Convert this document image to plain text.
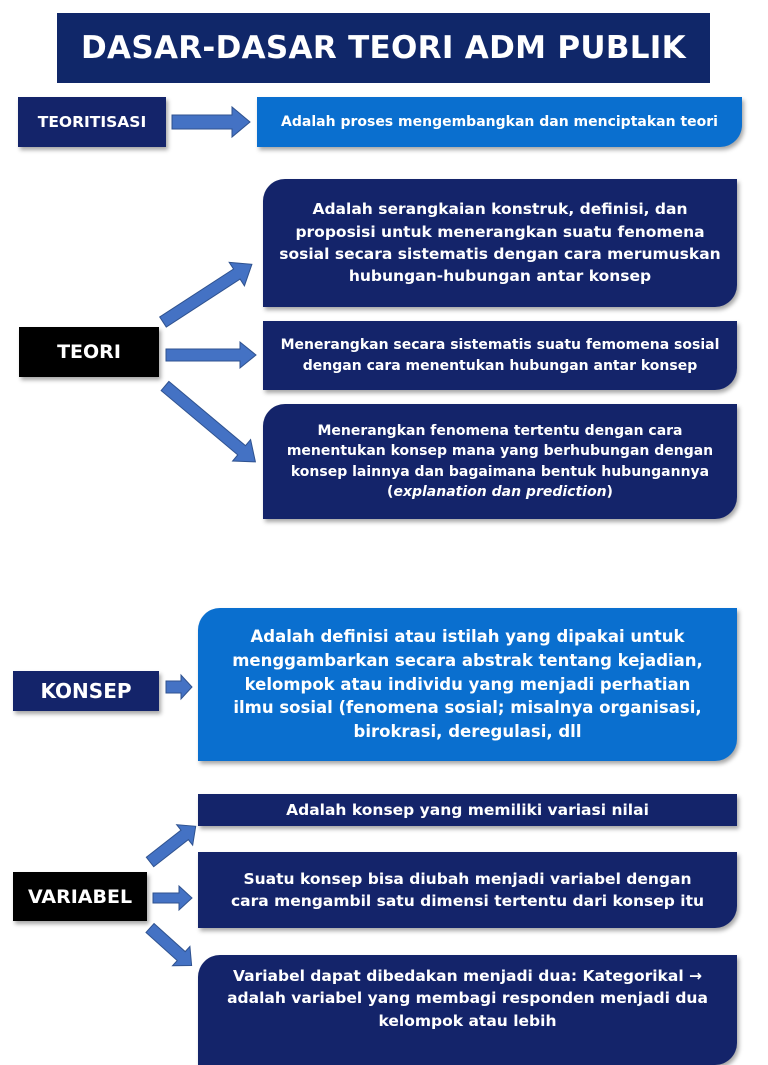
DASAR-DASAR TEORI ADM PUBLIK
TEORITISASI	Adalah proses mengembangkan dan menciptakan teori
TEORI
Adalah serangkaian konstruk, definisi, dan proposisi untuk menerangkan suatu fenomena sosial secara sistematis dengan cara merumuskan hubungan-hubungan antar konsep
Menerangkan secara sistematis suatu femomena sosial dengan cara menentukan hubungan antar konsep
Menerangkan fenomena tertentu dengan cara menentukan konsep mana yang berhubungan dengan konsep lainnya dan bagaimana bentuk hubungannya (explanation dan prediction)
KONSEP
Adalah definisi atau istilah yang dipakai untuk menggambarkan secara abstrak tentang kejadian, kelompok atau individu yang menjadi perhatian ilmu sosial (fenomena sosial; misalnya organisasi, birokrasi, deregulasi, dll
VARIABEL
Adalah konsep yang memiliki variasi nilai
Suatu konsep bisa diubah menjadi variabel dengan cara mengambil satu dimensi tertentu dari konsep itu
Variabel dapat dibedakan menjadi dua: Kategorikal → adalah variabel yang membagi responden menjadi dua kelompok atau lebih
